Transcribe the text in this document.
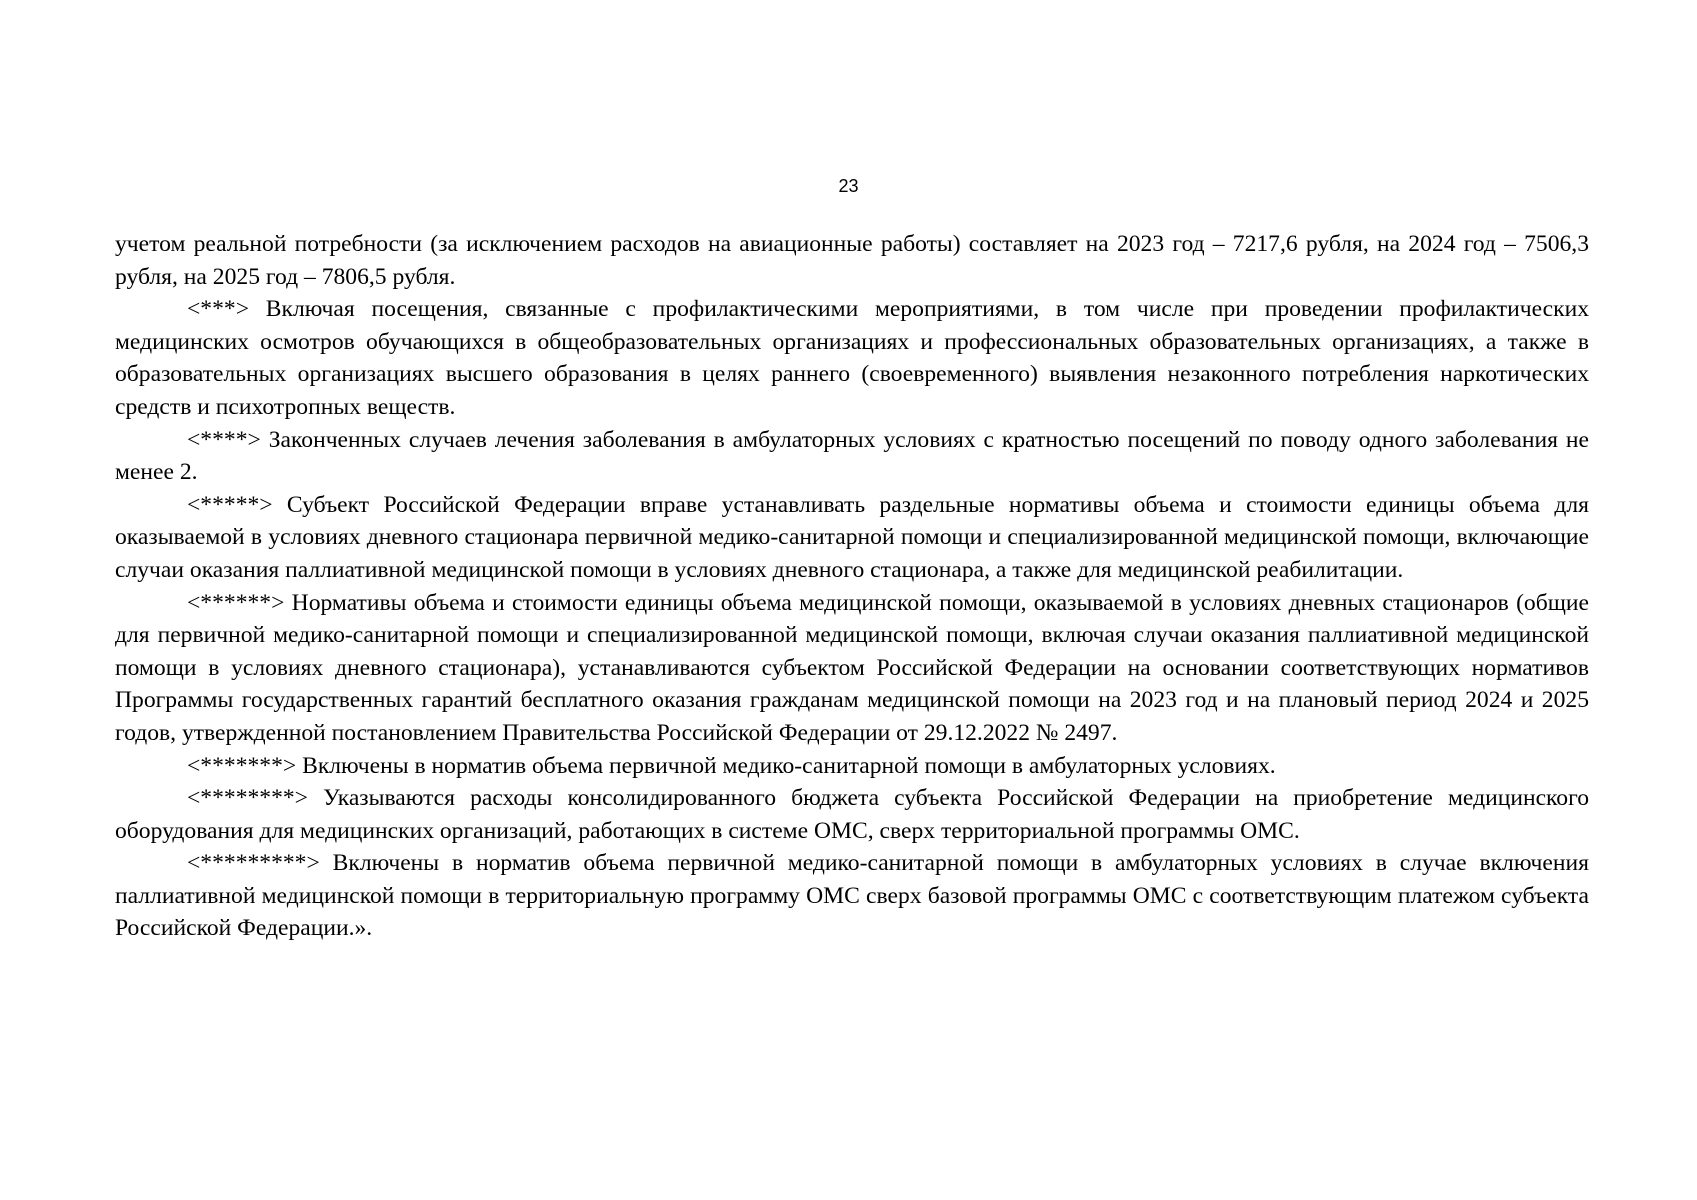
23

учетом реальной потребности (за исключением расходов на авиационные работы) составляет на 2023 год – 7217,6 рубля, на 2024 год – 7506,3 рубля, на 2025 год – 7806,5 рубля.

<***> Включая посещения, связанные с профилактическими мероприятиями, в том числе при проведении профилактических медицинских осмотров обучающихся в общеобразовательных организациях и профессиональных образовательных организациях, а также в образовательных организациях высшего образования в целях раннего (своевременного) выявления незаконного потребления наркотических средств и психотропных веществ.

<****> Законченных случаев лечения заболевания в амбулаторных условиях с кратностью посещений по поводу одного заболевания не менее 2.

<*****> Субъект Российской Федерации вправе устанавливать раздельные нормативы объема и стоимости единицы объема для оказываемой в условиях дневного стационара первичной медико-санитарной помощи и специализированной медицинской помощи, включающие случаи оказания паллиативной медицинской помощи в условиях дневного стационара, а также для медицинской реабилитации.

<******> Нормативы объема и стоимости единицы объема медицинской помощи, оказываемой в условиях дневных стационаров (общие для первичной медико-санитарной помощи и специализированной медицинской помощи, включая случаи оказания паллиативной медицинской помощи в условиях дневного стационара), устанавливаются субъектом Российской Федерации на основании соответствующих нормативов Программы государственных гарантий бесплатного оказания гражданам медицинской помощи на 2023 год и на плановый период 2024 и 2025 годов, утвержденной постановлением Правительства Российской Федерации от 29.12.2022 № 2497.

<*******> Включены в норматив объема первичной медико-санитарной помощи в амбулаторных условиях.

<********> Указываются расходы консолидированного бюджета субъекта Российской Федерации на приобретение медицинского оборудования для медицинских организаций, работающих в системе ОМС, сверх территориальной программы ОМС.

<*********> Включены в норматив объема первичной медико-санитарной помощи в амбулаторных условиях в случае включения паллиативной медицинской помощи в территориальную программу ОМС сверх базовой программы ОМС с соответствующим платежом субъекта Российской Федерации.».
